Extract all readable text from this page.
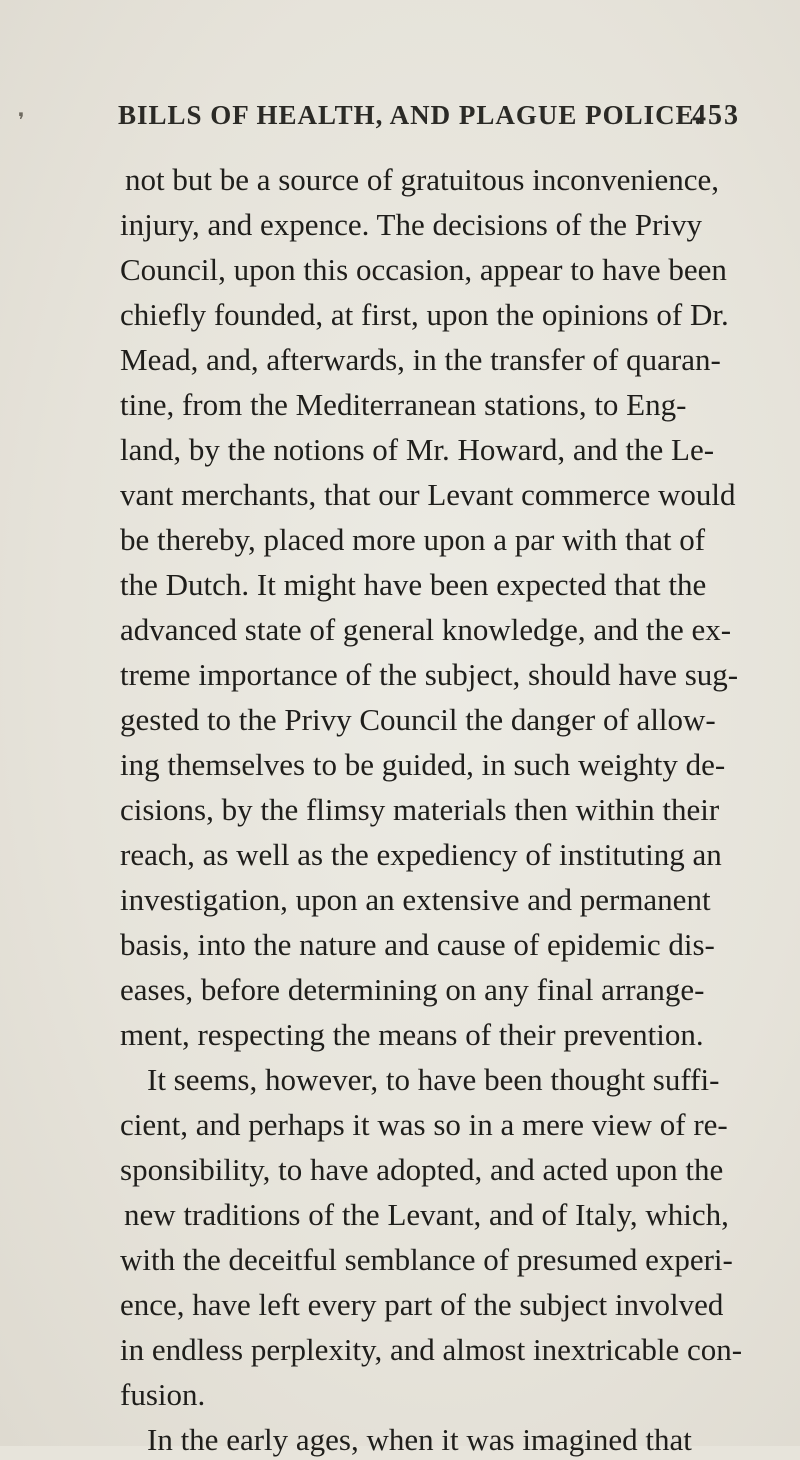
❜	BILLS OF HEALTH, AND PLAGUE POLICE.
453
not but be a source of gratuitous inconvenience,
injury, and expence. The decisions of the Privy
Council, upon this occasion, appear to have been
chiefly founded, at first, upon the opinions of Dr.
Mead, and, afterwards, in the transfer of quaran-
tine, from the Mediterranean stations, to Eng-
land, by the notions of Mr. Howard, and the Le-
vant merchants, that our Levant commerce would
be thereby, placed more upon a par with that of
the Dutch. It might have been expected that the
advanced state of general knowledge, and the ex-
treme importance of the subject, should have sug-
gested to the Privy Council the danger of allow-
ing themselves to be guided, in such weighty de-
cisions, by the flimsy materials then within their
reach, as well as the expediency of instituting an
investigation, upon an extensive and permanent
basis, into the nature and cause of epidemic dis-
eases, before determining on any final arrange-
ment, respecting the means of their prevention.
It seems, however, to have been thought suffi-
cient, and perhaps it was so in a mere view of re-
sponsibility, to have adopted, and acted upon the
new traditions of the Levant, and of Italy, which,
with the deceitful semblance of presumed experi-
ence, have left every part of the subject involved
in endless perplexity, and almost inextricable con-
fusion.
In the early ages, when it was imagined that
